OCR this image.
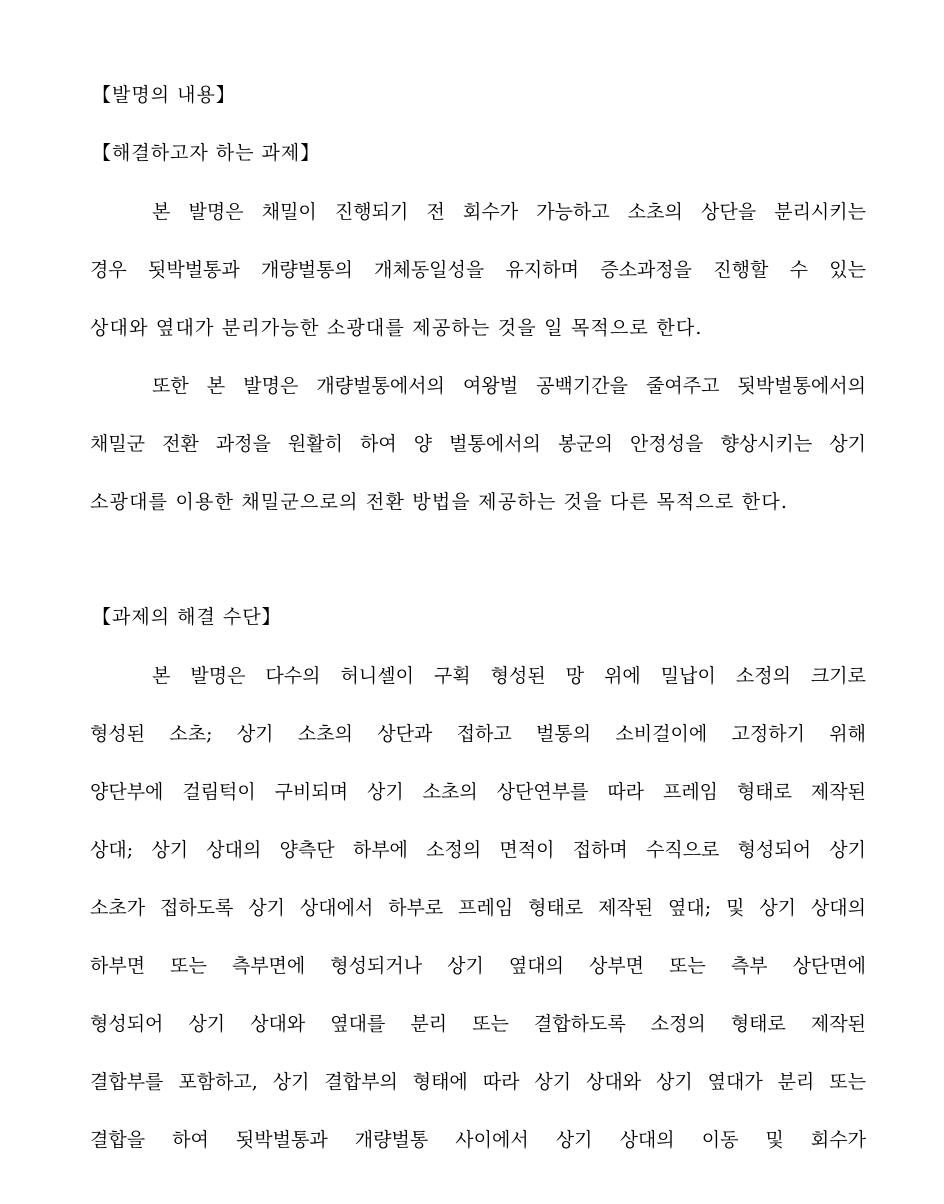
【발명의 내용】
【해결하고자 하는 과제】
본 발명은 채밀이 진행되기 전 회수가 가능하고 소초의 상단을 분리시키는
경우 됫박벌통과 개량벌통의 개체동일성을 유지하며 증소과정을 진행할 수 있는
상대와 옆대가 분리가능한 소광대를 제공하는 것을 일 목적으로 한다.
또한 본 발명은 개량벌통에서의 여왕벌 공백기간을 줄여주고 됫박벌통에서의
채밀군 전환 과정을 원활히 하여 양 벌통에서의 봉군의 안정성을 향상시키는 상기
소광대를 이용한 채밀군으로의 전환 방법을 제공하는 것을 다른 목적으로 한다.
【과제의 해결 수단】
본 발명은 다수의 허니셀이 구획 형성된 망 위에 밀납이 소정의 크기로
형성된 소초; 상기 소초의 상단과 접하고 벌통의 소비걸이에 고정하기 위해
양단부에 걸림턱이 구비되며 상기 소초의 상단연부를 따라 프레임 형태로 제작된
상대; 상기 상대의 양측단 하부에 소정의 면적이 접하며 수직으로 형성되어 상기
소초가 접하도록 상기 상대에서 하부로 프레임 형태로 제작된 옆대; 및 상기 상대의
하부면 또는 측부면에 형성되거나 상기 옆대의 상부면 또는 측부 상단면에
형성되어 상기 상대와 옆대를 분리 또는 결합하도록 소정의 형태로 제작된
결합부를 포함하고, 상기 결합부의 형태에 따라 상기 상대와 상기 옆대가 분리 또는
결합을 하여 됫박벌통과 개량벌통 사이에서 상기 상대의 이동 및 회수가
